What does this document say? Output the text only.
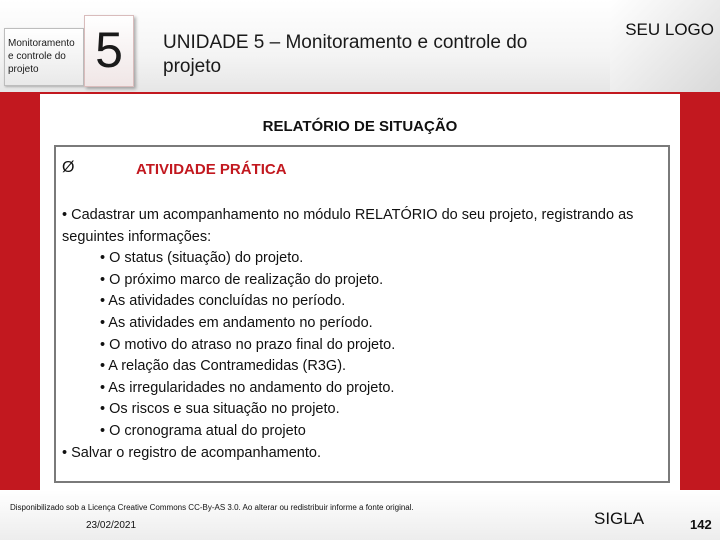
Monitoramento e controle do projeto	5	UNIDADE 5 – Monitoramento e controle do projeto
SEU LOGO
RELATÓRIO DE SITUAÇÃO
Ø	ATIVIDADE PRÁTICA

• Cadastrar um acompanhamento no módulo RELATÓRIO do seu projeto, registrando as seguintes informações:

• O status (situação) do projeto.
• O próximo marco de realização do projeto.
• As atividades concluídas no período.
• As atividades em andamento no período.
• O motivo do atraso no prazo final do projeto.
• A relação das Contramedidas (R3G).
• As irregularidades no andamento do projeto.
• Os riscos e sua situação no projeto.
• O cronograma atual do projeto

• Salvar o registro de acompanhamento.

Disponibilizado sob a Licença Creative Commons CC-By-AS 3.0. Ao alterar ou redistribuir informe a fonte original.
23/02/2021	SIGLA	142
